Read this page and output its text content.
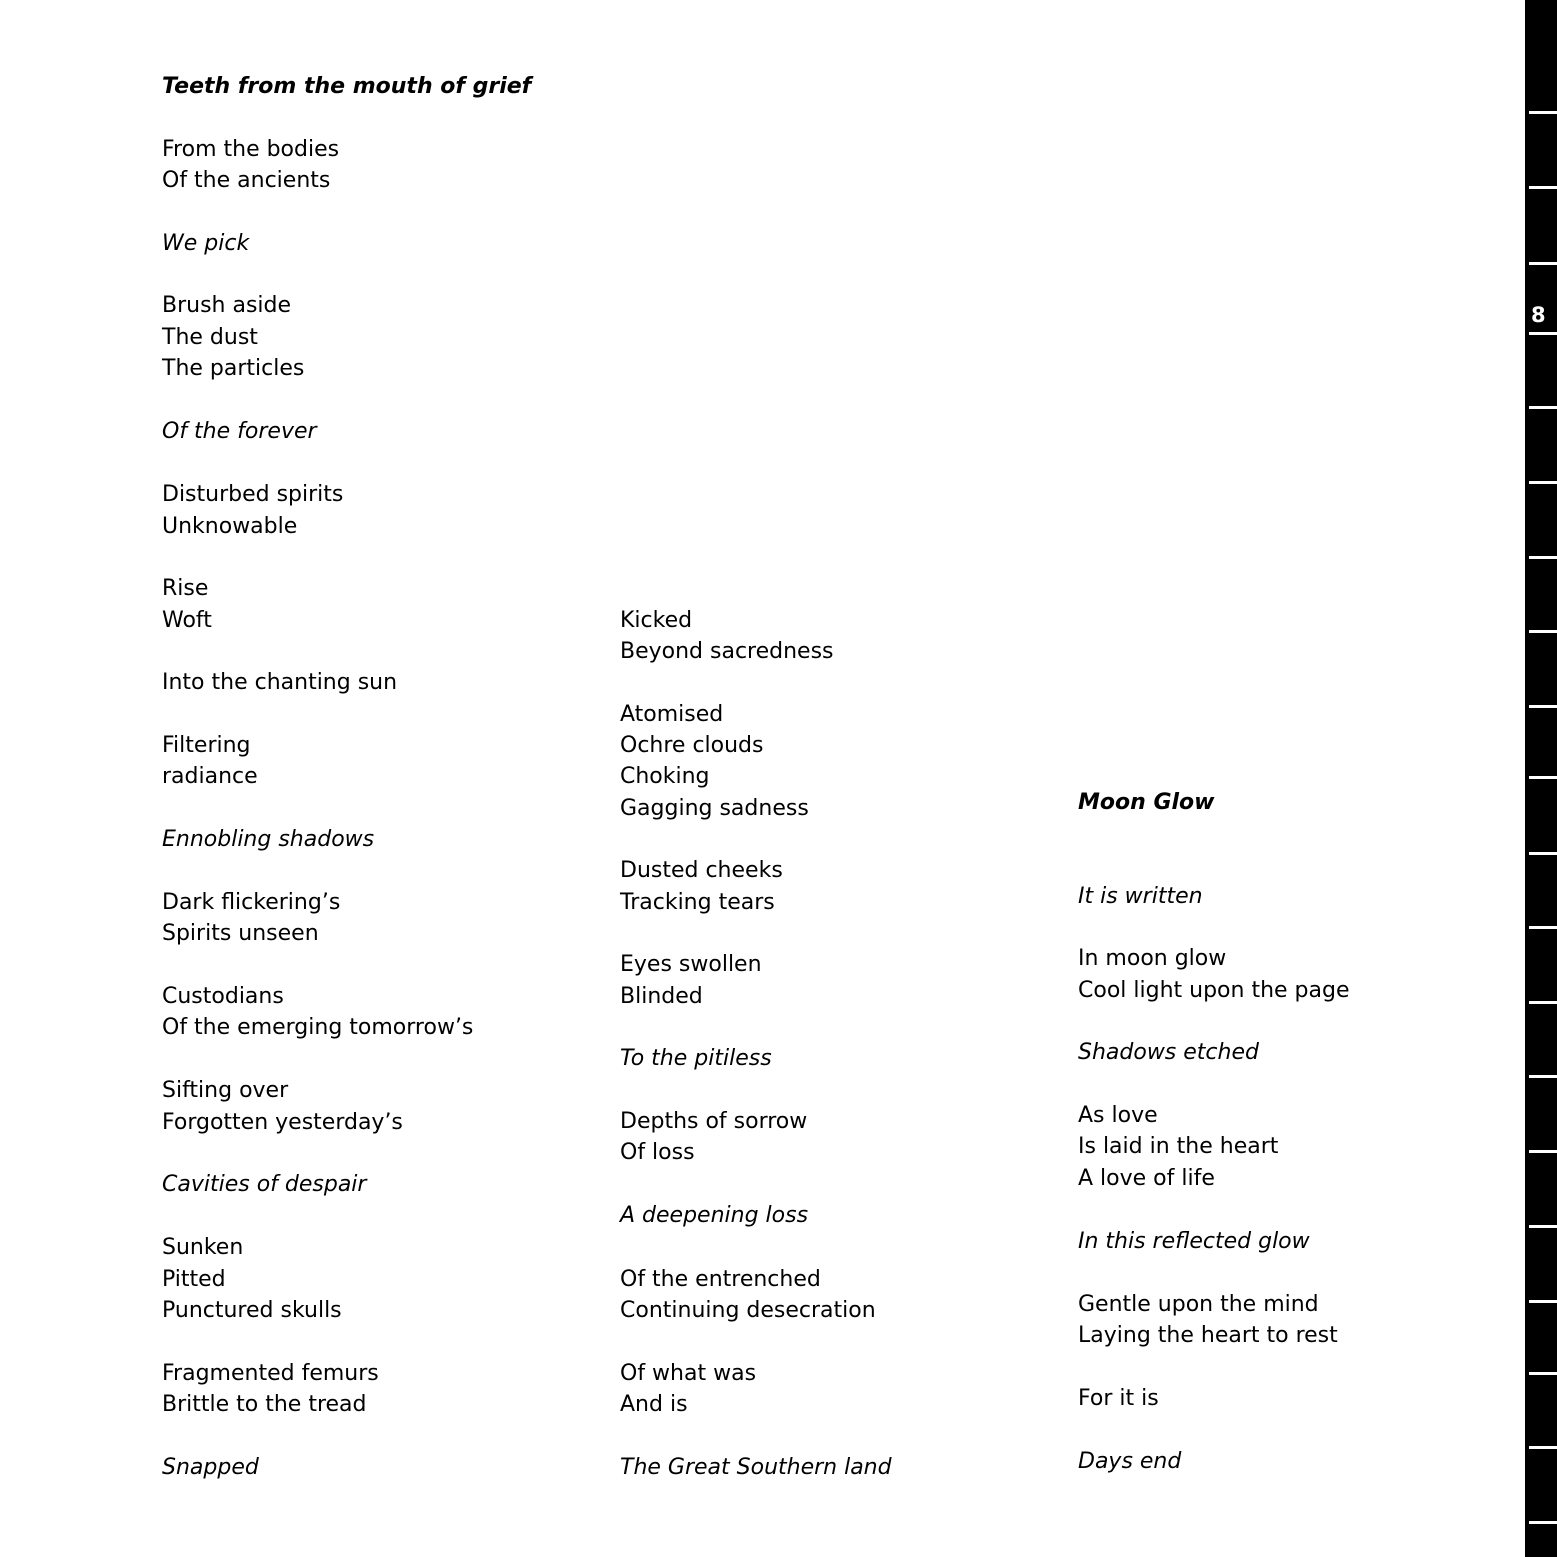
Teeth from the mouth of grief

From the bodies

Of the ancients

We pick

Brush aside

The dust

The particles

Of the forever

Disturbed spirits

Unknowable

Rise

Woft

Into the chanting sun

Filtering

radiance

Ennobling shadows

Dark flickering’s

Spirits unseen

Custodians

Of the emerging tomorrow’s

Sifting over

Forgotten yesterday’s

Cavities of despair

Sunken

Pitted

Punctured skulls

Fragmented femurs

Brittle to the tread

Snapped

Kicked

Beyond sacredness

Atomised

Ochre clouds

Choking

Gagging sadness

Dusted cheeks

Tracking tears

Eyes swollen

Blinded

To the pitiless

Depths of sorrow

Of loss

A deepening loss

Of the entrenched

Continuing desecration

Of what was

And is

The Great Southern land

Moon Glow

It is written

In moon glow

Cool light upon the page

Shadows etched

As love

Is laid in the heart

A love of life

In this reflected glow

Gentle upon the mind

Laying the heart to rest

For it is

Days end

8
